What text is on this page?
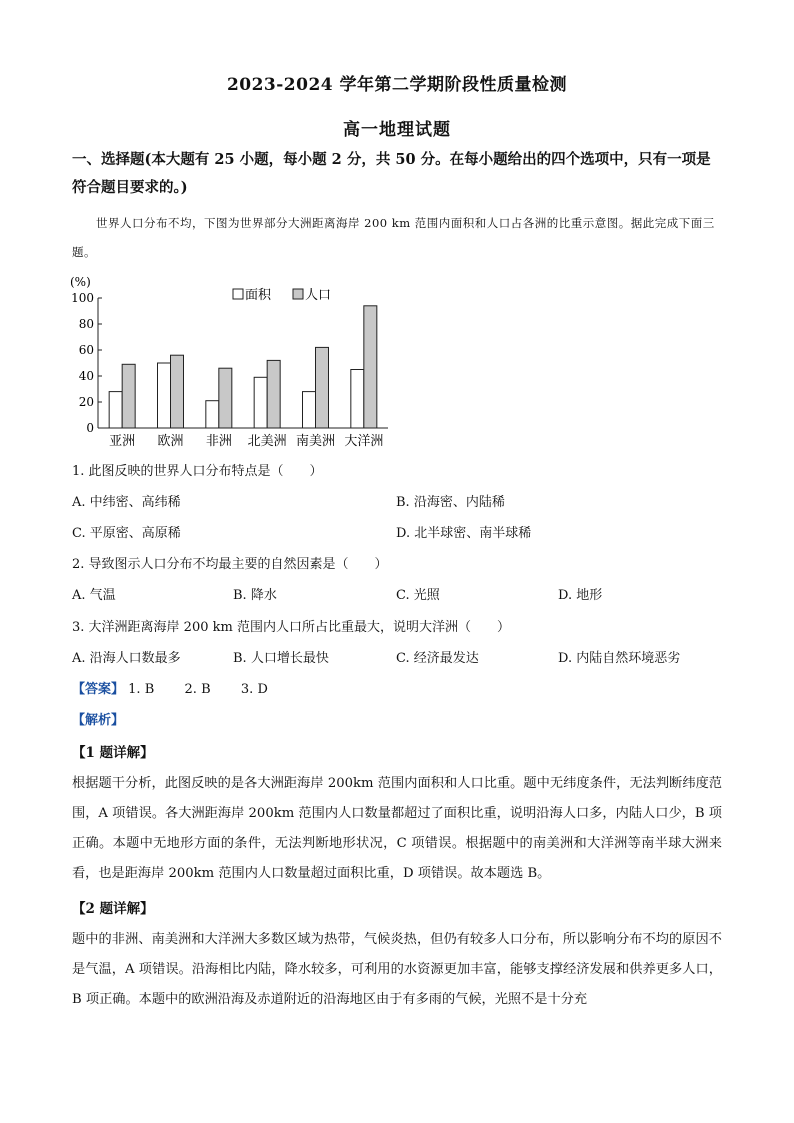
2023-2024 学年第二学期阶段性质量检测
高一地理试题
一、选择题(本大题有 25 小题，每小题 2 分，共 50 分。在每小题给出的四个选项中，只有一项是符合题目要求的。)
世界人口分布不均，下图为世界部分大洲距离海岸 200 km 范围内面积和人口占各洲的比重示意图。据此完成下面三题。
(%)
面积	人口
亚洲 欧洲 非洲 北美洲 南美洲 大洋洲
0
20
40
60
80
100
1. 此图反映的世界人口分布特点是（　　）
A. 中纬密、高纬稀	B. 沿海密、内陆稀
C. 平原密、高原稀	D. 北半球密、南半球稀
2. 导致图示人口分布不均最主要的自然因素是（　　）
A. 气温	B. 降水	C. 光照	D. 地形
3. 大洋洲距离海岸 200 km 范围内人口所占比重最大，说明大洋洲（　　）
A. 沿海人口数最多	B. 人口增长最快	C. 经济最发达	D. 内陆自然环境恶劣
【答案】 1. B 2. B 3. D
【解析】
【1 题详解】
根据题干分析，此图反映的是各大洲距海岸 200km 范围内面积和人口比重。题中无纬度条件，无法判断纬度范围，A 项错误。各大洲距海岸 200km 范围内人口数量都超过了面积比重，说明沿海人口多，内陆人口少，B 项正确。本题中无地形方面的条件，无法判断地形状况，C 项错误。根据题中的南美洲和大洋洲等南半球大洲来看，也是距海岸 200km 范围内人口数量超过面积比重，D 项错误。故本题选 B。
【2 题详解】
题中的非洲、南美洲和大洋洲大多数区域为热带，气候炎热，但仍有较多人口分布，所以影响分布不均的原因不是气温，A 项错误。沿海相比内陆，降水较多，可利用的水资源更加丰富，能够支撑经济发展和供养更多人口，B 项正确。本题中的欧洲沿海及赤道附近的沿海地区由于有多雨的气候，光照不是十分充
